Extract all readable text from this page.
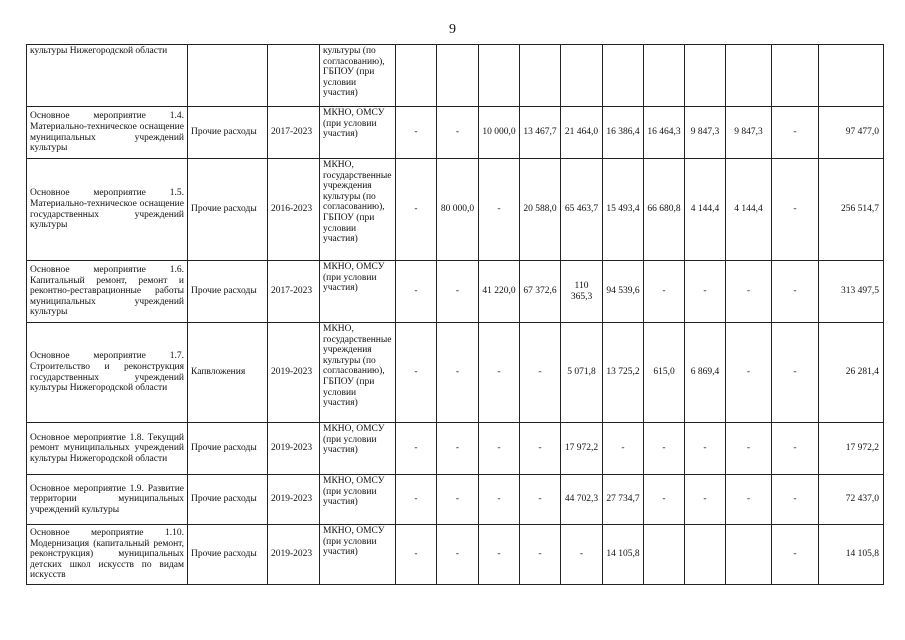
9
культуры Нижегородской области			культуры (по согласованию), ГБПОУ (при условии участия)											
Основное мероприятие 1.4. Материально-техническое оснащение муниципальных учреждений культуры	Прочие расходы	2017-2023	МКНО, ОМСУ (при условии участия)	-	-	10 000,0	13 467,7	21 464,0	16 386,4	16 464,3	9 847,3	9 847,3	-	97 477,0
Основное мероприятие 1.5. Материально-техническое оснащение государственных учреждений культуры	Прочие расходы	2016-2023	МКНО, государственные учреждения культуры (по согласованию), ГБПОУ (при условии участия)	-	80 000,0	-	20 588,0	65 463,7	15 493,4	66 680,8	4 144,4	4 144,4	-	256 514,7
Основное мероприятие 1.6. Капитальный ремонт, ремонт и реконтно-реставрационные работы муниципальных учреждений культуры	Прочие расходы	2017-2023	МКНО, ОМСУ (при условии участия)	-	-	41 220,0	67 372,6	110 365,3	94 539,6	-	-	-	-	313 497,5
Основное мероприятие 1.7. Строительство и реконструкция государственных учреждений культуры Нижегородской области	Капвложения	2019-2023	МКНО, государственные учреждения культуры (по согласованию), ГБПОУ (при условии участия)	-	-	-	-	5 071,8	13 725,2	615,0	6 869,4	-	-	26 281,4
Основное мероприятие 1.8. Текущий ремонт муниципальных учреждений культуры Нижегородской области	Прочие расходы	2019-2023	МКНО, ОМСУ (при условии участия)	-	-	-	-	17 972,2	-	-	-	-	-	17 972,2
Основное мероприятие 1.9. Развитие территории муниципальных учреждений культуры	Прочие расходы	2019-2023	МКНО, ОМСУ (при условии участия)	-	-	-	-	44 702,3	27 734,7	-	-	-	-	72 437,0
Основное мероприятие 1.10. Модернизация (капитальный ремонт, реконструкция) муниципальных детских школ искусств по видам искусств	Прочие расходы	2019-2023	МКНО, ОМСУ (при условии участия)	-	-	-	-	-	14 105,8				-	14 105,8
